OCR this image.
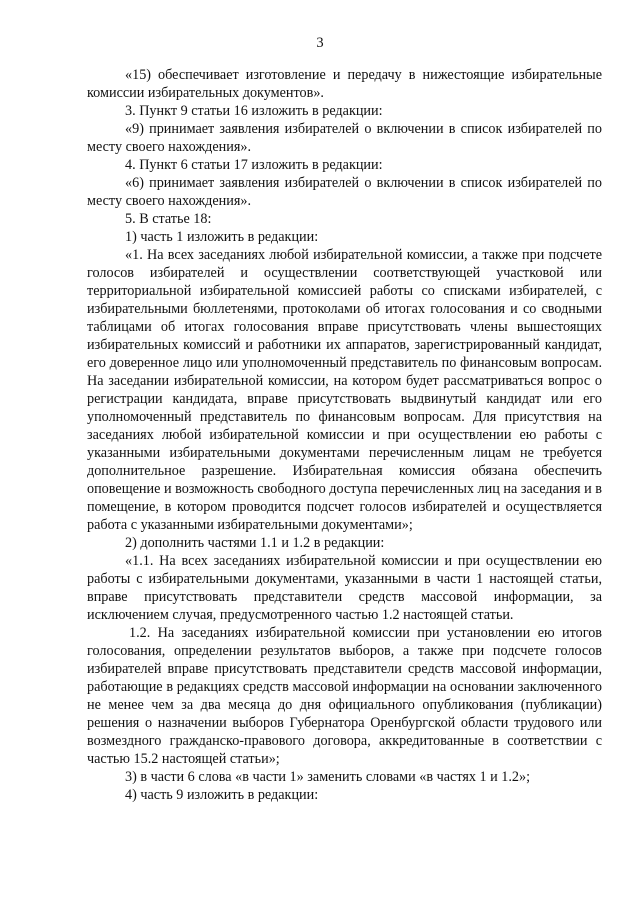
3

«15) обеспечивает изготовление и передачу в нижестоящие избирательные комиссии избирательных документов».

3. Пункт 9 статьи 16 изложить в редакции:

«9) принимает заявления избирателей о включении в список избирателей по месту своего нахождения».

4. Пункт 6 статьи 17 изложить в редакции:

«6) принимает заявления избирателей о включении в список избирателей по месту своего нахождения».

5. В статье 18:

1) часть 1 изложить в редакции:

«1. На всех заседаниях любой избирательной комиссии, а также при подсчете голосов избирателей и осуществлении соответствующей участковой или территориальной избирательной комиссией работы со списками избирателей, с избирательными бюллетенями, протоколами об итогах голосования и со сводными таблицами об итогах голосования вправе присутствовать члены вышестоящих избирательных комиссий и работники их аппаратов, зарегистрированный кандидат, его доверенное лицо или уполномоченный представитель по финансовым вопросам. На заседании избирательной комиссии, на котором будет рассматриваться вопрос о регистрации кандидата, вправе присутствовать выдвинутый кандидат или его уполномоченный представитель по финансовым вопросам. Для присутствия на заседаниях любой избирательной комиссии и при осуществлении ею работы с указанными избирательными документами перечисленным лицам не требуется дополнительное разрешение. Избирательная комиссия обязана обеспечить оповещение и возможность свободного доступа перечисленных лиц на заседания и в помещение, в котором проводится подсчет голосов избирателей и осуществляется работа с указанными избирательными документами»;

2) дополнить частями 1.1 и 1.2 в редакции:

«1.1. На всех заседаниях избирательной комиссии и при осуществлении ею работы с избирательными документами, указанными в части 1 настоящей статьи, вправе присутствовать представители средств массовой информации, за исключением случая, предусмотренного частью 1.2 настоящей статьи.

1.2. На заседаниях избирательной комиссии при установлении ею итогов голосования, определении результатов выборов, а также при подсчете голосов избирателей вправе присутствовать представители средств массовой информации, работающие в редакциях средств массовой информации на основании заключенного не менее чем за два месяца до дня официального опубликования (публикации) решения о назначении выборов Губернатора Оренбургской области трудового или возмездного гражданско-правового договора, аккредитованные в соответствии с частью 15.2 настоящей статьи»;

3) в части 6 слова «в части 1» заменить словами «в частях 1 и 1.2»;

4) часть 9 изложить в редакции:
